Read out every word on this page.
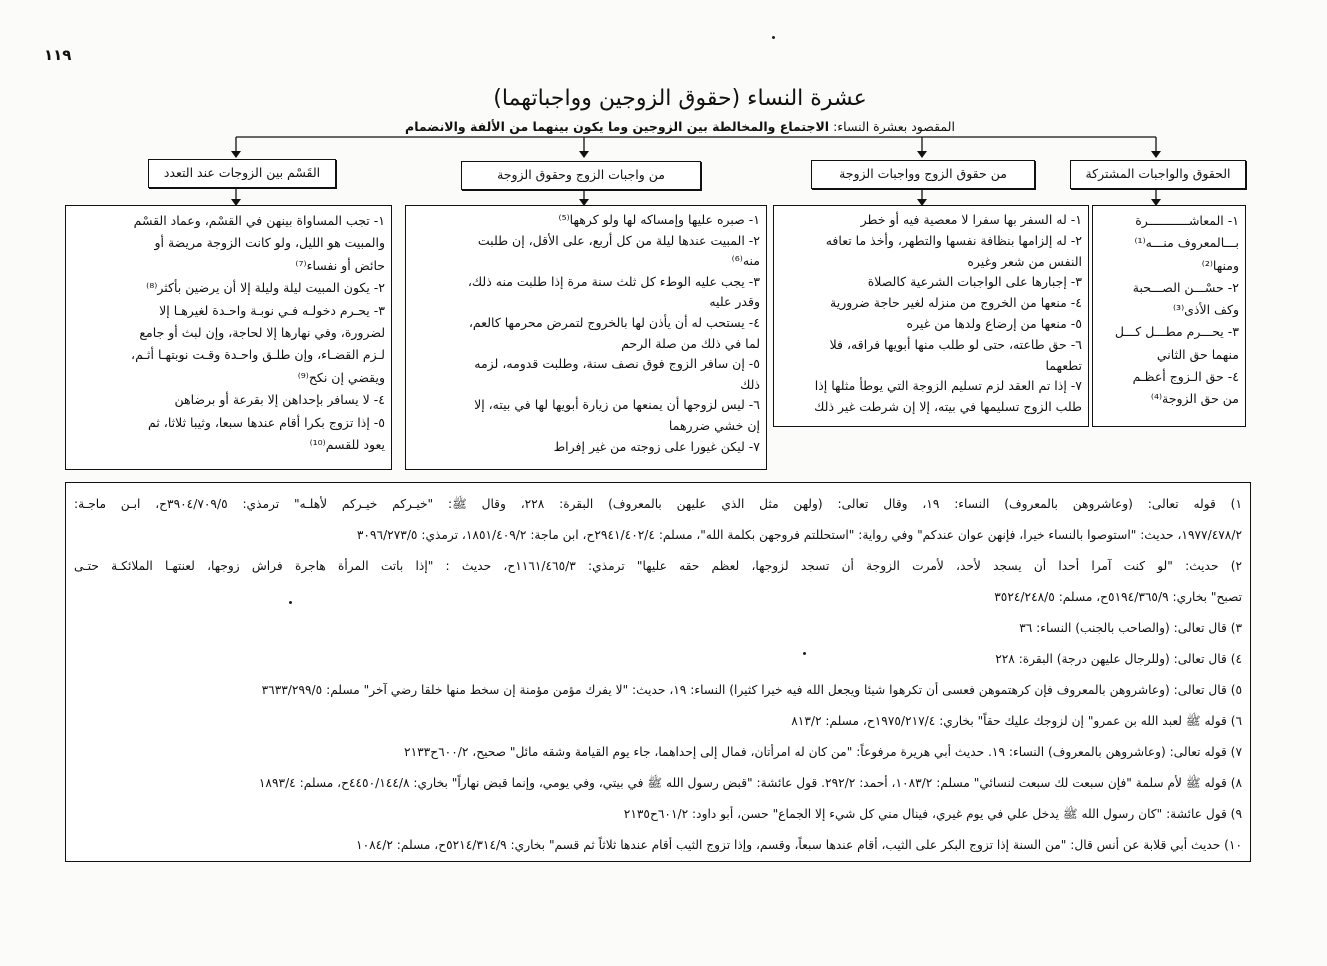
١١٩
عشرة النساء (حقوق الزوجين وواجباتهما)
المقصود بعشرة النساء: الاجتماع والمخالطة بين الزوجين وما يكون بينهما من الألفة والانضمام
الحقوق والواجبات المشتركة
من حقوق الزوج وواجبات الزوجة
من واجبات الزوج وحقوق الزوجة
القَسْم بين الزوجات عند التعدد
١- المعاشـــــــــــرة
بـــالمعروف منـــه⁽¹⁾
ومنها⁽²⁾
٢- حسْـــن الصـــحبة
وكف الأذى⁽³⁾
٣- يحـــرم مطـــل كـــل
منهما حق الثاني
٤- حق الـزوج أعظـم
من حق الزوجة⁽⁴⁾
١- له السفر بها سفرا لا معصية فيه أو خطر
٢- له إلزامها بنظافة نفسها والتطهر، وأخذ ما تعافه
النفس من شعر وغيره
٣- إجبارها على الواجبات الشرعية كالصلاة
٤- منعها من الخروج من منزله لغير حاجة ضرورية
٥- منعها من إرضاع ولدها من غيره
٦- حق طاعته، حتى لو طلب منها أبويها فراقه، فلا
تطعهما
٧- إذا تم العقد لزم تسليم الزوجة التي يوطأ مثلها إذا
طلب الزوج تسليمها في بيته، إلا إن شرطت غير ذلك
١- صبره عليها وإمساكه لها ولو كرهها⁽⁵⁾
٢- المبيت عندها ليلة من كل أربع، على الأقل، إن طلبت
منه⁽⁶⁾
٣- يجب عليه الوطء كل ثلث سنة مرة إذا طلبت منه ذلك،
وقدر عليه
٤- يستحب له أن يأذن لها بالخروج لتمرض محرمها كالعم،
لما في ذلك من صلة الرحم
٥- إن سافر الزوج فوق نصف سنة، وطلبت قدومه، لزمه
ذلك
٦- ليس لزوجها أن يمنعها من زيارة أبويها لها في بيته، إلا
إن خشي ضررهما
٧- ليكن غيورا على زوجته من غير إفراط
١- تجب المساواة بينهن في القسْم، وعماد القسْم
والمبيت هو الليل، ولو كانت الزوجة مريضة أو
حائض أو نفساء⁽⁷⁾
٢- يكون المبيت ليلة وليلة إلا أن يرضين بأكثر⁽⁸⁾
٣- يحـرم دخولـه فـي نوبـة واحـدة لغيرهـا إلا
لضرورة، وفي نهارها إلا لحاجة، وإن لبث أو جامع
لـزم القضـاء، وإن طلـق واحـدة وقـت نوبتهـا أثـم،
ويقضي إن نكح⁽⁹⁾
٤- لا يسافر بإحداهن إلا بقرعة أو برضاهن
٥- إذا تزوج بكرا أقام عندها سبعا، وثيبا ثلاثا، ثم
يعود للقسم⁽¹⁰⁾
١) قوله تعالى: (وعاشروهن بالمعروف) النساء: ١٩، وقال تعالى: (ولهن مثل الذي عليهن بالمعروف) البقرة: ٢٢٨، وقال ﷺ: "خيـركم خيـركم لأهلـه" ترمذي: ٣٩٠٤/٧٠٩/٥ح، ابـن ماجـة:
١٩٧٧/٤٧٨/٢، حديث: "استوصوا بالنساء خيرا، فإنهن عوان عندكم" وفي رواية: "استحللتم فروجهن بكلمة الله"، مسلم: ٢٩٤١/٤٠٢/٤ح، ابن ماجة: ١٨٥١/٤٠٩/٢، ترمذي: ٣٠٩٦/٢٧٣/٥
٢) حديث: "لو كنت آمرا أحدا أن يسجد لأحد، لأمرت الزوجة أن تسجد لزوجها، لعظم حقه عليها" ترمذي: ١١٦١/٤٦٥/٣ح، حديث : "إذا باتت المرأة هاجرة فراش زوجها، لعنتهـا الملائكـة حتـى
تصبح" بخاري: ٥١٩٤/٣٦٥/٩ح، مسلم: ٣٥٢٤/٢٤٨/٥
٣) قال تعالى: (والصاحب بالجنب) النساء: ٣٦
٤) قال تعالى: (وللرجال عليهن درجة) البقرة: ٢٢٨
٥) قال تعالى: (وعاشروهن بالمعروف فإن كرهتموهن فعسى أن تكرهوا شيئا ويجعل الله فيه خيرا كثيرا) النساء: ١٩، حديث: "لا يفرك مؤمن مؤمنة إن سخط منها خلقا رضي آخر" مسلم: ٣٦٣٣/٢٩٩/٥
٦) قوله ﷺ لعبد الله بن عمرو" إن لزوجك عليك حقاً" بخاري: ١٩٧٥/٢١٧/٤ح، مسلم: ٨١٣/٢
٧) قوله تعالى: (وعاشروهن بالمعروف) النساء: ١٩. حديث أبي هريرة مرفوعاً: "من كان له امرأتان، فمال إلى إحداهما، جاء يوم القيامة وشقه مائل" صحيح، ٦٠٠/٢ح٢١٣٣
٨) قوله ﷺ لأم سلمة "فإن سبعت لك سبعت لنسائي" مسلم: ١٠٨٣/٢، أحمد: ٢٩٢/٢. قول عائشة: "قبض رسول الله ﷺ في بيتي، وفي يومي، وإنما قبض نهاراً" بخاري: ٤٤٥٠/١٤٤/٨ح، مسلم: ١٨٩٣/٤
٩) قول عائشة: "كان رسول الله ﷺ يدخل علي في يوم غيري، فينال مني كل شيء إلا الجماع" حسن، أبو داود: ٦٠١/٢ح٢١٣٥
١٠) حديث أبي قلابة عن أنس قال: "من السنة إذا تزوج البكر على الثيب، أقام عندها سبعاً، وقسم، وإذا تزوج الثيب أقام عندها ثلاثاً ثم قسم" بخاري: ٥٢١٤/٣١٤/٩ح، مسلم: ١٠٨٤/٢
